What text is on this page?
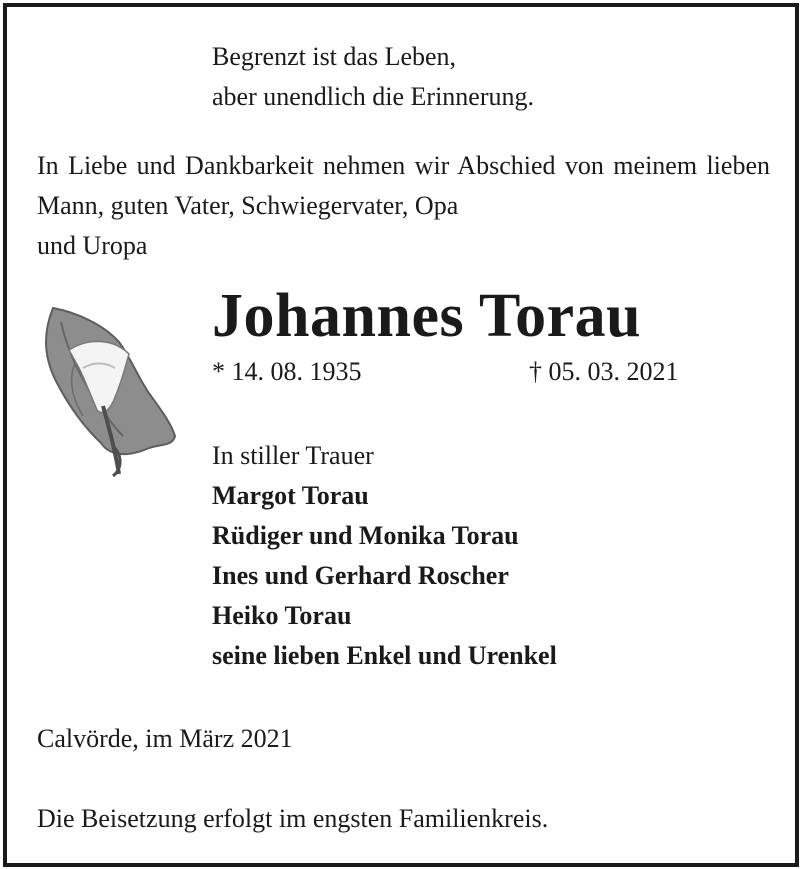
Begrenzt ist das Leben,
aber unendlich die Erinnerung.
In Liebe und Dankbarkeit nehmen wir Abschied von meinem lieben Mann, guten Vater, Schwiegervater, Opa
und Uropa
Johannes Torau
* 14. 08. 1935	† 05. 03. 2021
In stiller Trauer
Margot Torau
Rüdiger und Monika Torau
Ines und Gerhard Roscher
Heiko Torau
seine lieben Enkel und Urenkel
Calvörde, im März 2021
Die Beisetzung erfolgt im engsten Familienkreis.
